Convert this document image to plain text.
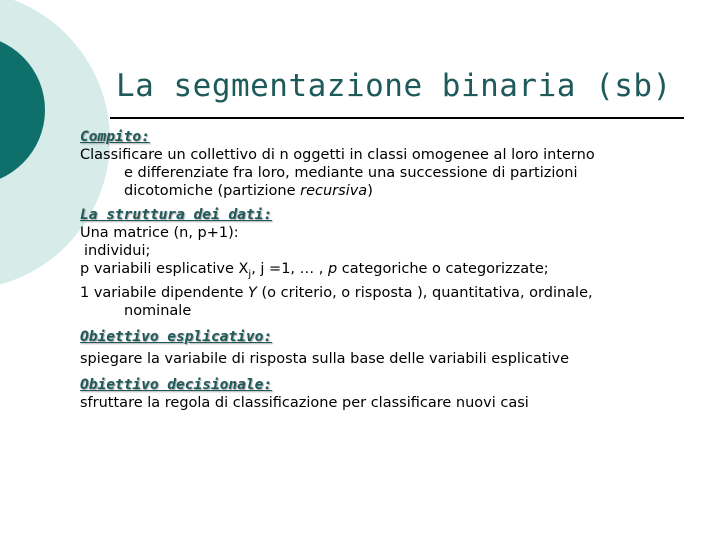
La segmentazione binaria (sb)
Compito:
Classificare un collettivo di n oggetti in classi omogenee al loro interno
e differenziate fra loro, mediante una successione di partizioni
dicotomiche (partizione recursiva)
La struttura dei dati:
Una matrice (n, p+1):
individui;
p variabili esplicative $X_j$, j =1, … , p categoriche o categorizzate;
1 variabile dipendente Y (o criterio, o risposta ), quantitativa, ordinale,
nominale
Obiettivo esplicativo:
spiegare la variabile di risposta sulla base delle variabili esplicative
Obiettivo decisionale:
sfruttare la regola di classificazione per classificare nuovi casi
